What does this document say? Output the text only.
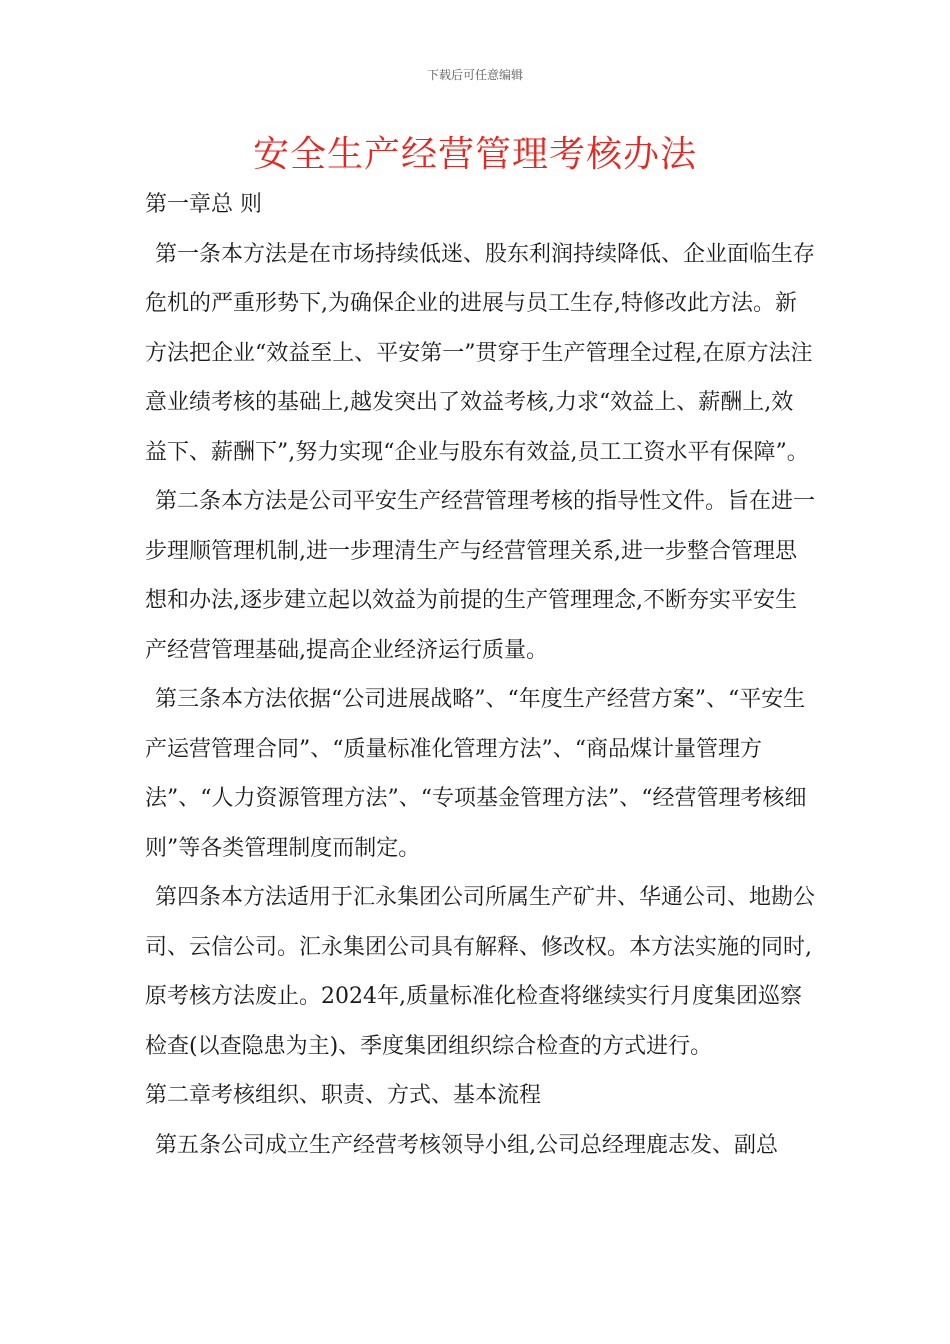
下载后可任意编辑
安全生产经营管理考核办法

第一章总 则

第一条本方法是在市场持续低迷、股东利润持续降低、企业面临生存危机的严重形势下,为确保企业的进展与员工生存,特修改此方法。新方法把企业“效益至上、平安第一”贯穿于生产管理全过程,在原方法注意业绩考核的基础上,越发突出了效益考核,力求“效益上、薪酬上,效益下、薪酬下”,努力实现“企业与股东有效益,员工工资水平有保障”。

第二条本方法是公司平安生产经营管理考核的指导性文件。旨在进一步理顺管理机制,进一步理清生产与经营管理关系,进一步整合管理思想和办法,逐步建立起以效益为前提的生产管理理念,不断夯实平安生产经营管理基础,提高企业经济运行质量。

第三条本方法依据“公司进展战略”、“年度生产经营方案”、“平安生产运营管理合同”、“质量标准化管理方法”、“商品煤计量管理方法”、“人力资源管理方法”、“专项基金管理方法”、“经营管理考核细则”等各类管理制度而制定。

第四条本方法适用于汇永集团公司所属生产矿井、华通公司、地勘公司、云信公司。汇永集团公司具有解释、修改权。本方法实施的同时,原考核方法废止。2024年,质量标准化检查将继续实行月度集团巡察检查(以查隐患为主)、季度集团组织综合检查的方式进行。

第二章考核组织、职责、方式、基本流程

第五条公司成立生产经营考核领导小组,公司总经理鹿志发、副总
